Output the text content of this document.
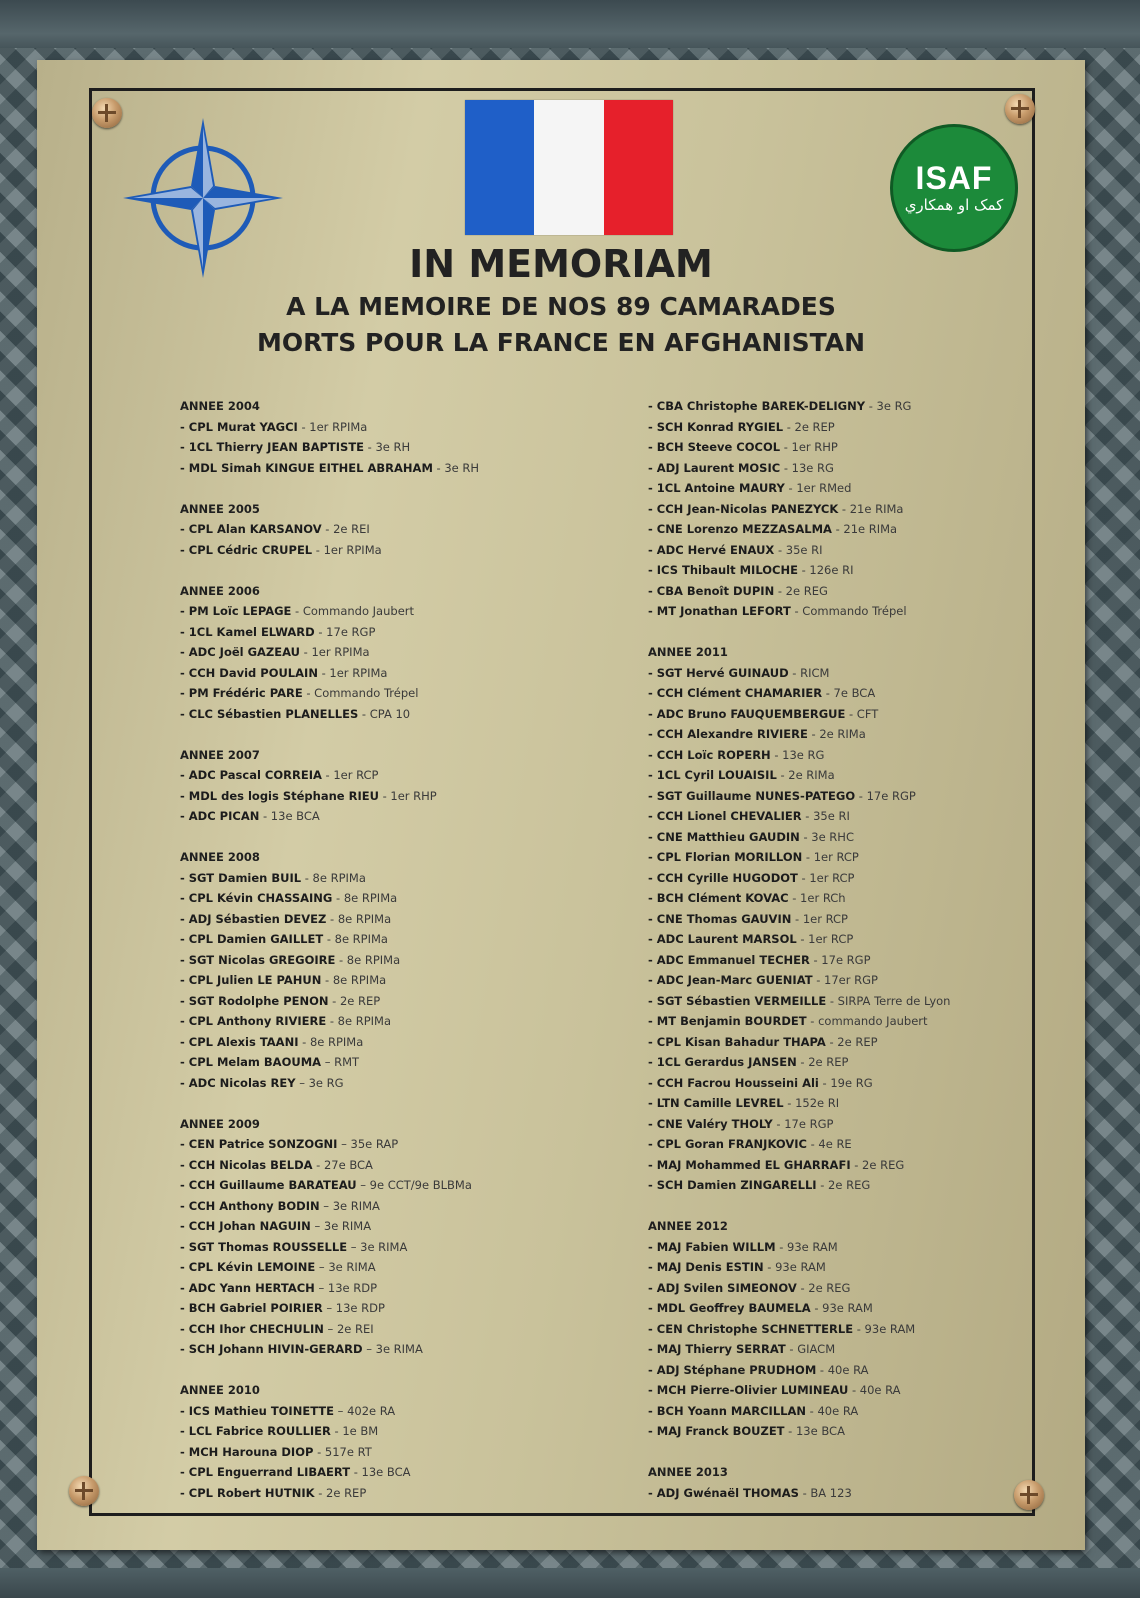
ISAF
کمک او همکاري
IN MEMORIAM
A LA MEMOIRE DE NOS 89 CAMARADES
MORTS POUR LA FRANCE EN AFGHANISTAN
ANNEE 2004
- CPL Murat YAGCI - 1er RPIMa
- 1CL Thierry JEAN BAPTISTE - 3e RH
- MDL Simah KINGUE EITHEL ABRAHAM - 3e RH
ANNEE 2005
- CPL Alan KARSANOV - 2e REI
- CPL Cédric CRUPEL - 1er RPIMa
ANNEE 2006
- PM Loïc LEPAGE - Commando Jaubert
- 1CL Kamel ELWARD - 17e RGP
- ADC Joël GAZEAU - 1er RPIMa
- CCH David POULAIN - 1er RPIMa
- PM Frédéric PARE - Commando Trépel
- CLC Sébastien PLANELLES - CPA 10
ANNEE 2007
- ADC Pascal CORREIA - 1er RCP
- MDL des logis Stéphane RIEU - 1er RHP
- ADC PICAN - 13e BCA
ANNEE 2008
- SGT Damien BUIL - 8e RPIMa
- CPL Kévin CHASSAING - 8e RPIMa
- ADJ Sébastien DEVEZ - 8e RPIMa
- CPL Damien GAILLET - 8e RPIMa
- SGT Nicolas GREGOIRE - 8e RPIMa
- CPL Julien LE PAHUN - 8e RPIMa
- SGT Rodolphe PENON - 2e REP
- CPL Anthony RIVIERE - 8e RPIMa
- CPL Alexis TAANI - 8e RPIMa
- CPL Melam BAOUMA – RMT
- ADC Nicolas REY – 3e RG
ANNEE 2009
- CEN Patrice SONZOGNI – 35e RAP
- CCH Nicolas BELDA - 27e BCA
- CCH Guillaume BARATEAU – 9e CCT/9e BLBMa
- CCH Anthony BODIN – 3e RIMA
- CCH Johan NAGUIN – 3e RIMA
- SGT Thomas ROUSSELLE – 3e RIMA
- CPL Kévin LEMOINE – 3e RIMA
- ADC Yann HERTACH – 13e RDP
- BCH Gabriel POIRIER – 13e RDP
- CCH Ihor CHECHULIN – 2e REI
- SCH Johann HIVIN-GERARD – 3e RIMA
ANNEE 2010
- ICS Mathieu TOINETTE – 402e RA
- LCL Fabrice ROULLIER - 1e BM
- MCH Harouna DIOP - 517e RT
- CPL Enguerrand LIBAERT - 13e BCA
- CPL Robert HUTNIK - 2e REP
- CBA Christophe BAREK-DELIGNY - 3e RG
- SCH Konrad RYGIEL - 2e REP
- BCH Steeve COCOL - 1er RHP
- ADJ Laurent MOSIC - 13e RG
- 1CL Antoine MAURY - 1er RMed
- CCH Jean-Nicolas PANEZYCK - 21e RIMa
- CNE Lorenzo MEZZASALMA - 21e RIMa
- ADC Hervé ENAUX - 35e RI
- ICS Thibault MILOCHE - 126e RI
- CBA Benoît DUPIN - 2e REG
- MT Jonathan LEFORT - Commando Trépel
ANNEE 2011
- SGT Hervé GUINAUD - RICM
- CCH Clément CHAMARIER - 7e BCA
- ADC Bruno FAUQUEMBERGUE - CFT
- CCH Alexandre RIVIERE - 2e RIMa
- CCH Loïc ROPERH - 13e RG
- 1CL Cyril LOUAISIL - 2e RIMa
- SGT Guillaume NUNES-PATEGO - 17e RGP
- CCH Lionel CHEVALIER - 35e RI
- CNE Matthieu GAUDIN - 3e RHC
- CPL Florian MORILLON - 1er RCP
- CCH Cyrille HUGODOT - 1er RCP
- BCH Clément KOVAC - 1er RCh
- CNE Thomas GAUVIN - 1er RCP
- ADC Laurent MARSOL - 1er RCP
- ADC Emmanuel TECHER - 17e RGP
- ADC Jean-Marc GUENIAT - 17er RGP
- SGT Sébastien VERMEILLE - SIRPA Terre de Lyon
- MT Benjamin BOURDET - commando Jaubert
- CPL Kisan Bahadur THAPA - 2e REP
- 1CL Gerardus JANSEN - 2e REP
- CCH Facrou Housseini Ali - 19e RG
- LTN Camille LEVREL - 152e RI
- CNE Valéry THOLY - 17e RGP
- CPL Goran FRANJKOVIC - 4e RE
- MAJ Mohammed EL GHARRAFI - 2e REG
- SCH Damien ZINGARELLI - 2e REG
ANNEE 2012
- MAJ Fabien WILLM - 93e RAM
- MAJ Denis ESTIN - 93e RAM
- ADJ Svilen SIMEONOV - 2e REG
- MDL Geoffrey BAUMELA - 93e RAM
- CEN Christophe SCHNETTERLE - 93e RAM
- MAJ Thierry SERRAT - GIACM
- ADJ Stéphane PRUDHOM - 40e RA
- MCH Pierre-Olivier LUMINEAU - 40e RA
- BCH Yoann MARCILLAN - 40e RA
- MAJ Franck BOUZET - 13e BCA
ANNEE 2013
- ADJ Gwénaël THOMAS - BA 123
